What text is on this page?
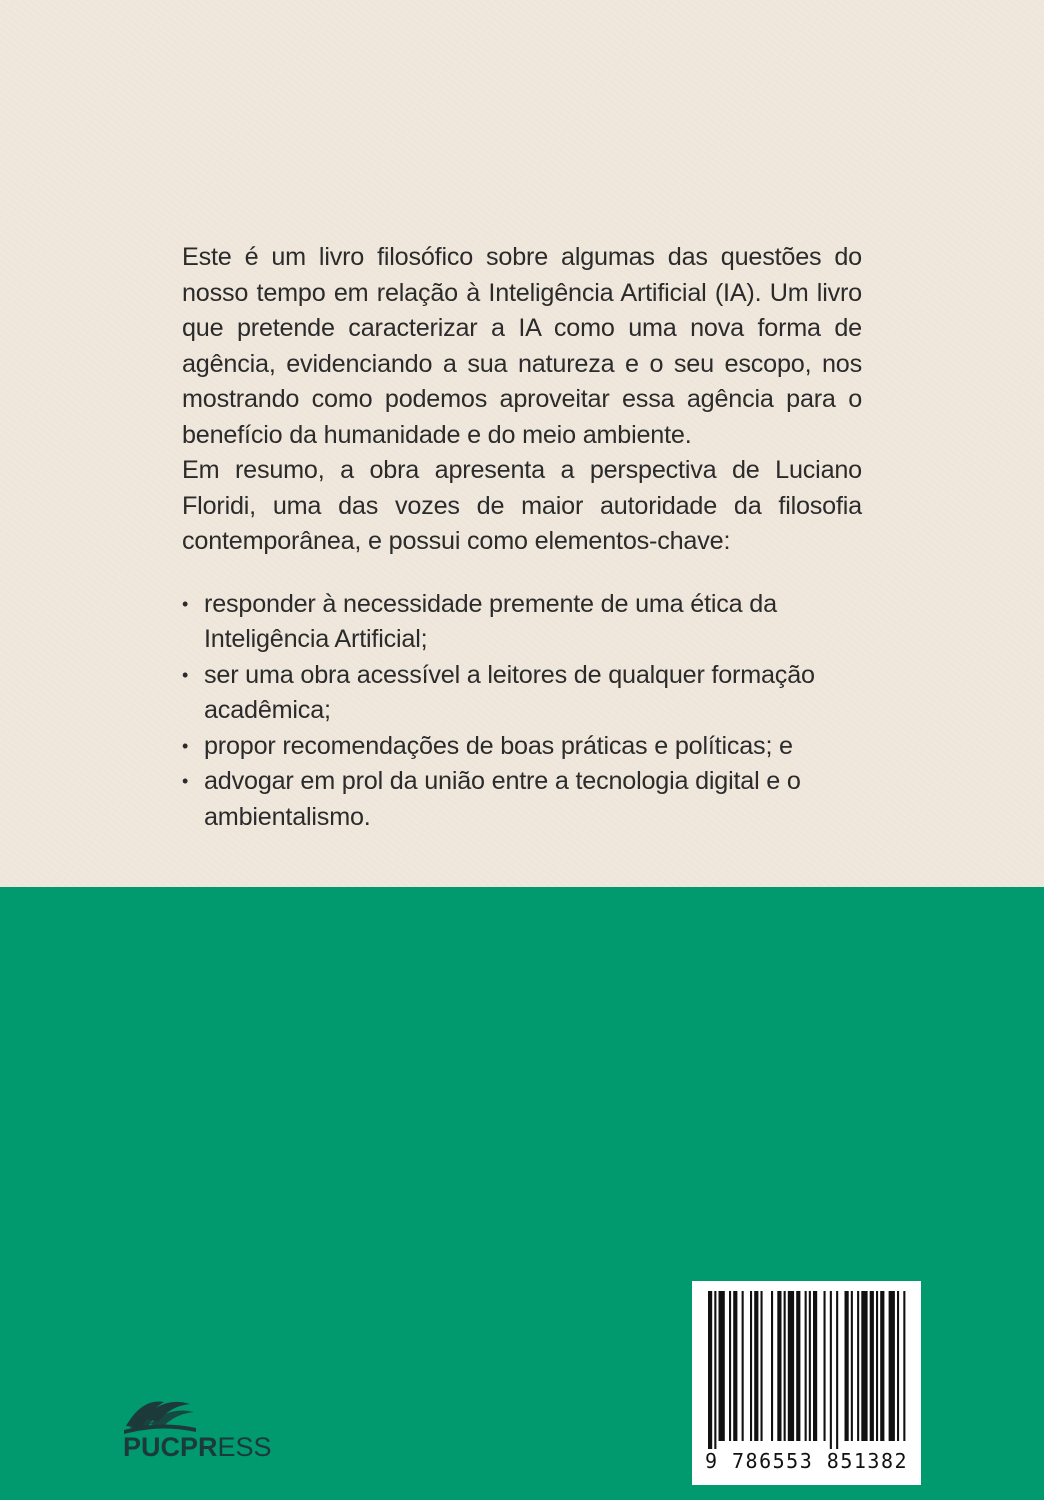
Este é um livro filosófico sobre algumas das questões do nosso tempo em relação à Inteligência Artificial (IA). Um livro que pretende caracterizar a IA como uma nova forma de agência, evidenciando a sua natureza e o seu escopo, nos mostrando como podemos aproveitar essa agência para o benefício da humanidade e do meio ambiente.

Em resumo, a obra apresenta a perspectiva de Luciano Floridi, uma das vozes de maior autoridade da filosofia contemporânea, e possui como elementos-chave:

• responder à necessidade premente de uma ética da Inteligência Artificial;
• ser uma obra acessível a leitores de qualquer formação acadêmica;
• propor recomendações de boas práticas e políticas; e
• advogar em prol da união entre a tecnologia digital e o ambientalismo.
PUCPRESS	9 786553 851382
